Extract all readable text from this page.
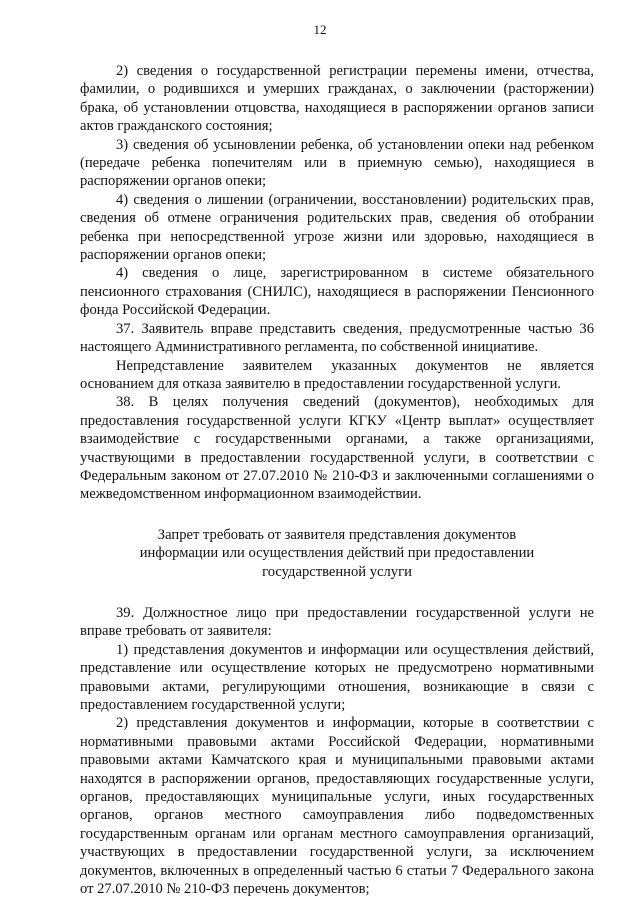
12

2) сведения о государственной регистрации перемены имени, отчества, фамилии, о родившихся и умерших гражданах, о заключении (расторжении) брака, об установлении отцовства, находящиеся в распоряжении органов записи актов гражданского состояния;

3) сведения об усыновлении ребенка, об установлении опеки над ребенком (передаче ребенка попечителям или в приемную семью), находящиеся в распоряжении органов опеки;

4) сведения о лишении (ограничении, восстановлении) родительских прав, сведения об отмене ограничения родительских прав, сведения об отобрании ребенка при непосредственной угрозе жизни или здоровью, находящиеся в распоряжении органов опеки;

4) сведения о лице, зарегистрированном в системе обязательного пенсионного страхования (СНИЛС), находящиеся в распоряжении Пенсионного фонда Российской Федерации.

37. Заявитель вправе представить сведения, предусмотренные частью 36 настоящего Административного регламента, по собственной инициативе.

Непредставление заявителем указанных документов не является основанием для отказа заявителю в предоставлении государственной услуги.

38. В целях получения сведений (документов), необходимых для предоставления государственной услуги КГКУ «Центр выплат» осуществляет взаимодействие с государственными органами, а также организациями, участвующими в предоставлении государственной услуги, в соответствии с Федеральным законом от 27.07.2010 № 210-ФЗ и заключенными соглашениями о межведомственном информационном взаимодействии.

Запрет требовать от заявителя представления документов информации или осуществления действий при предоставлении государственной услуги

39. Должностное лицо при предоставлении государственной услуги не вправе требовать от заявителя:

1) представления документов и информации или осуществления действий, представление или осуществление которых не предусмотрено нормативными правовыми актами, регулирующими отношения, возникающие в связи с предоставлением государственной услуги;

2) представления документов и информации, которые в соответствии с нормативными правовыми актами Российской Федерации, нормативными правовыми актами Камчатского края и муниципальными правовыми актами находятся в распоряжении органов, предоставляющих государственные услуги, органов, предоставляющих муниципальные услуги, иных государственных органов, органов местного самоуправления либо подведомственных государственным органам или органам местного самоуправления организаций, участвующих в предоставлении государственной услуги, за исключением документов, включенных в определенный частью 6 статьи 7 Федерального закона от 27.07.2010 № 210-ФЗ перечень документов;
